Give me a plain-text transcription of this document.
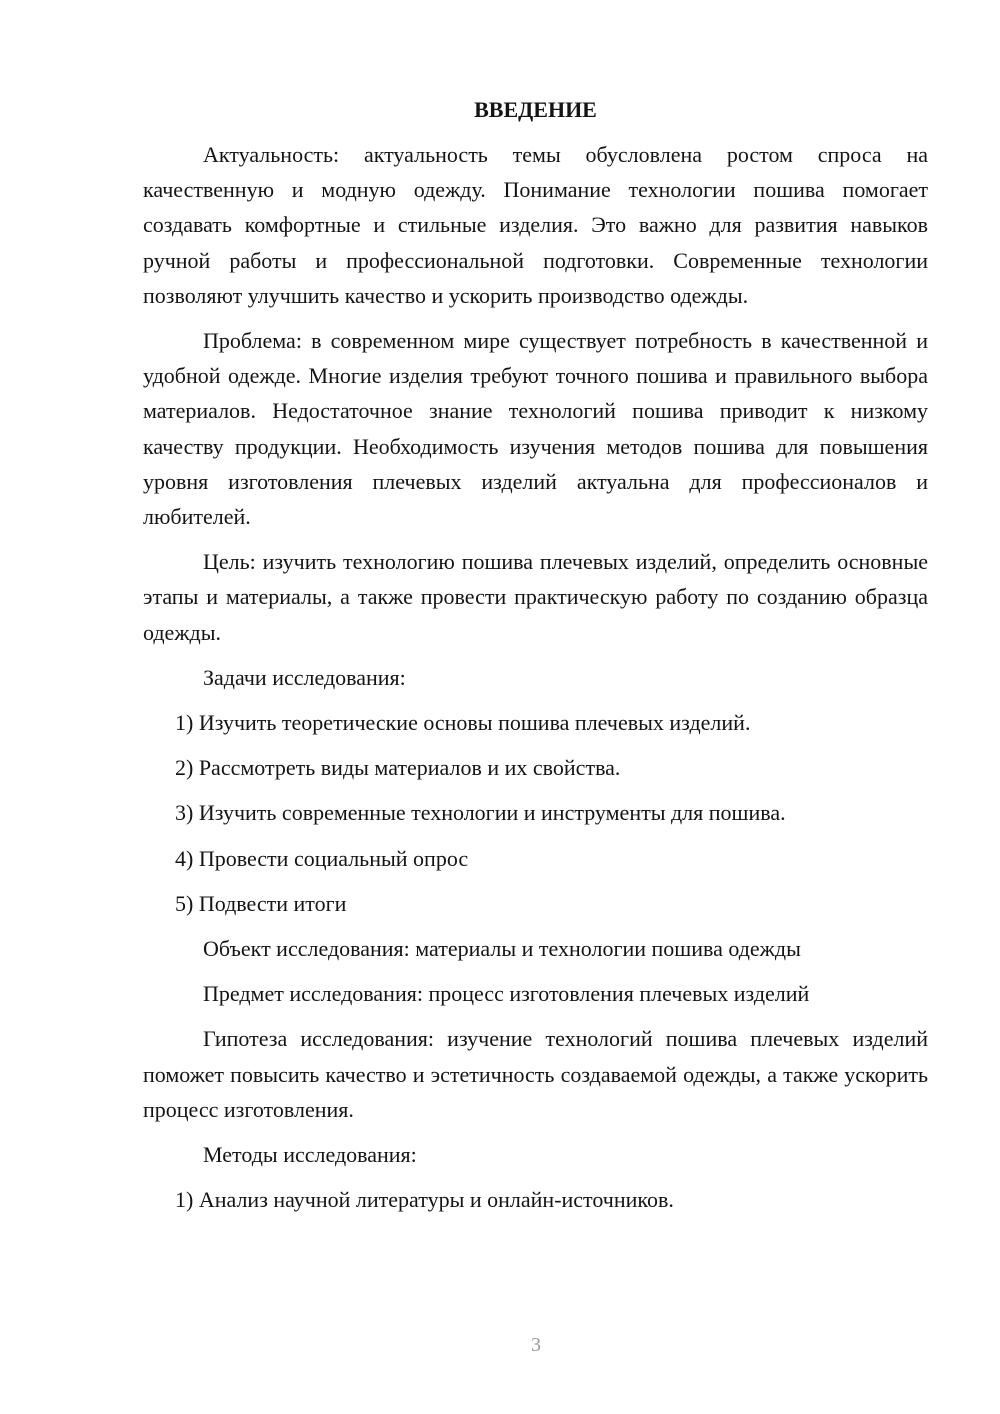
ВВЕДЕНИЕ

Актуальность: актуальность темы обусловлена ростом спроса на качественную и модную одежду. Понимание технологии пошива помогает создавать комфортные и стильные изделия. Это важно для развития навыков ручной работы и профессиональной подготовки. Современные технологии позволяют улучшить качество и ускорить производство одежды.

Проблема: в современном мире существует потребность в качественной и удобной одежде. Многие изделия требуют точного пошива и правильного выбора материалов. Недостаточное знание технологий пошива приводит к низкому качеству продукции. Необходимость изучения методов пошива для повышения уровня изготовления плечевых изделий актуальна для профессионалов и любителей.

Цель: изучить технологию пошива плечевых изделий, определить основные этапы и материалы, а также провести практическую работу по созданию образца одежды.

Задачи исследования:

1) Изучить теоретические основы пошива плечевых изделий.

2) Рассмотреть виды материалов и их свойства.

3) Изучить современные технологии и инструменты для пошива.

4) Провести социальный опрос

5) Подвести итоги

Объект исследования: материалы и технологии пошива одежды

Предмет исследования: процесс изготовления плечевых изделий

Гипотеза исследования: изучение технологий пошива плечевых изделий поможет повысить качество и эстетичность создаваемой одежды, а также ускорить процесс изготовления.

Методы исследования:

1) Анализ научной литературы и онлайн-источников.

3
